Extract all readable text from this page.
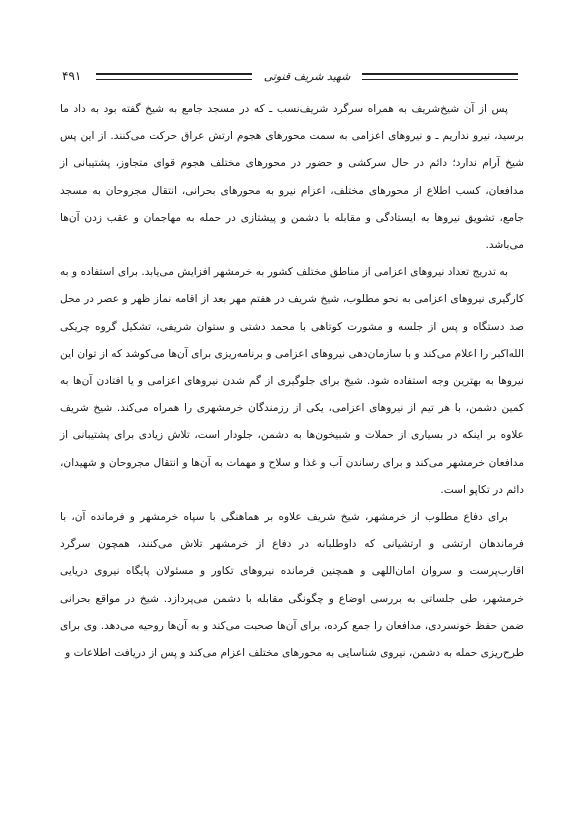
۴۹۱	شهید شریف قنوتی

پس از آن شیخ‌شریف به همراه سرگرد شریف‌نسب ـ که در مسجد جامع به شیخ گفته بود به داد ما برسید، نیرو نداریم ـ و نیروهای اعزامی به سمت محورهای هجوم ارتش عراق حرکت می‌کنند. از این پس شیخ آرام ندارد؛ دائم در حال سرکشی و حضور در محورهای مختلف هجوم قوای متجاوز، پشتیبانی از مدافعان، کسب اطلاع از محورهای مختلف، اعزام نیرو به محورهای بحرانی، انتقال مجروحان به مسجد جامع، تشویق نیروها به ایستادگی و مقابله با دشمن و پیشتازی در حمله به مهاجمان و عقب زدن آن‌ها می‌باشد.

به تدریج تعداد نیروهای اعزامی از مناطق مختلف کشور به خرمشهر افزایش می‌یابد. برای استفاده و به کارگیری نیروهای اعزامی به نحو مطلوب، شیخ شریف در هفتم مهر بعد از اقامه نماز ظهر و عصر در محل صد دستگاه و پس از جلسه و مشورت کوتاهی با محمد دشتی و ستوان شریفی، تشکیل گروه چریکی الله‌اکبر را اعلام می‌کند و با سازمان‌دهی نیروهای اعزامی و برنامه‌ریزی برای آن‌ها می‌کوشد که از توان این نیروها به بهترین وجه استفاده شود. شیخ برای جلوگیری از گم شدن نیروهای اعزامی و یا افتادن آن‌ها به کمین دشمن، با هر تیم از نیروهای اعزامی، یکی از رزمندگان خرمشهری را همراه می‌کند. شیخ شریف علاوه بر اینکه در بسیاری از حملات و شبیخون‌ها به دشمن، جلودار است، تلاش زیادی برای پشتیبانی از مدافعان خرمشهر می‌کند و برای رساندن آب و غذا و سلاح و مهمات به آن‌ها و انتقال مجروحان و شهیدان، دائم در تکاپو است.

برای دفاع مطلوب از خرمشهر، شیخ شریف علاوه بر هماهنگی با سپاه خرمشهر و فرمانده آن، با فرماندهان ارتشی و ارتشیانی که داوطلبانه در دفاع از خرمشهر تلاش می‌کنند، همچون سرگرد اقارب‌پرست و سروان امان‌اللهی و همچنین فرمانده نیروهای تکاور و مسئولان پایگاه نیروی دریایی خرمشهر، طی جلساتی به بررسی اوضاع و چگونگی مقابله با دشمن می‌پردازد. شیخ در مواقع بحرانی ضمن حفظ خونسردی، مدافعان را جمع کرده، برای آن‌ها صحبت می‌کند و به آن‌ها روحیه می‌دهد. وی برای طرح‌ریزی حمله به دشمن، نیروی شناسایی به محورهای مختلف اعزام می‌کند و پس از دریافت اطلاعات و
